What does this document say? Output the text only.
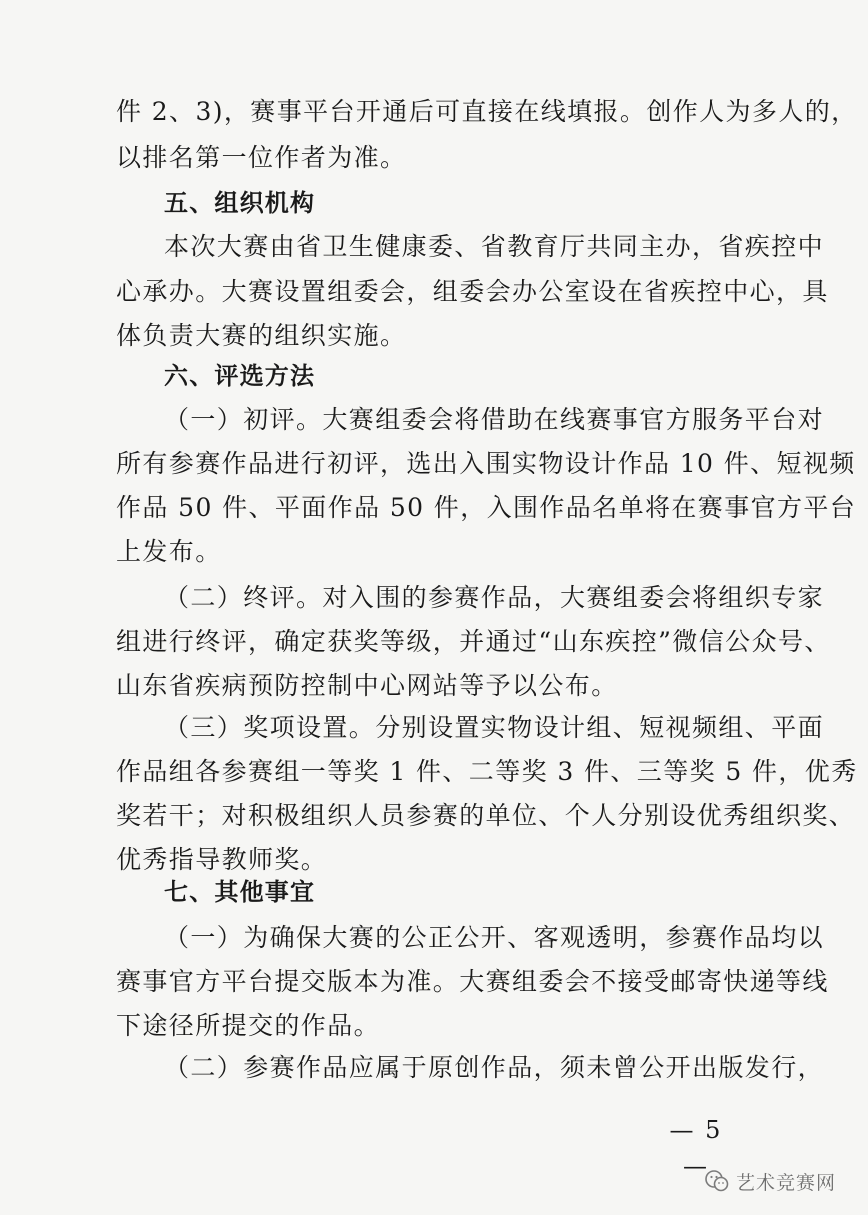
件 2、3)，赛事平台开通后可直接在线填报。创作人为多人的，
以排名第一位作者为准。
五、组织机构
本次大赛由省卫生健康委、省教育厅共同主办，省疾控中
心承办。大赛设置组委会，组委会办公室设在省疾控中心，具
体负责大赛的组织实施。
六、评选方法
（一）初评。大赛组委会将借助在线赛事官方服务平台对
所有参赛作品进行初评，选出入围实物设计作品 10 件、短视频
作品 50 件、平面作品 50 件，入围作品名单将在赛事官方平台
上发布。
（二）终评。对入围的参赛作品，大赛组委会将组织专家
组进行终评，确定获奖等级，并通过“山东疾控”微信公众号、
山东省疾病预防控制中心网站等予以公布。
（三）奖项设置。分别设置实物设计组、短视频组、平面
作品组各参赛组一等奖 1 件、二等奖 3 件、三等奖 5 件，优秀
奖若干；对积极组织人员参赛的单位、个人分别设优秀组织奖、
优秀指导教师奖。
七、其他事宜
（一）为确保大赛的公正公开、客观透明，参赛作品均以
赛事官方平台提交版本为准。大赛组委会不接受邮寄快递等线
下途径所提交的作品。
（二）参赛作品应属于原创作品，须未曾公开出版发行，
— 5 —
艺术竞赛网
